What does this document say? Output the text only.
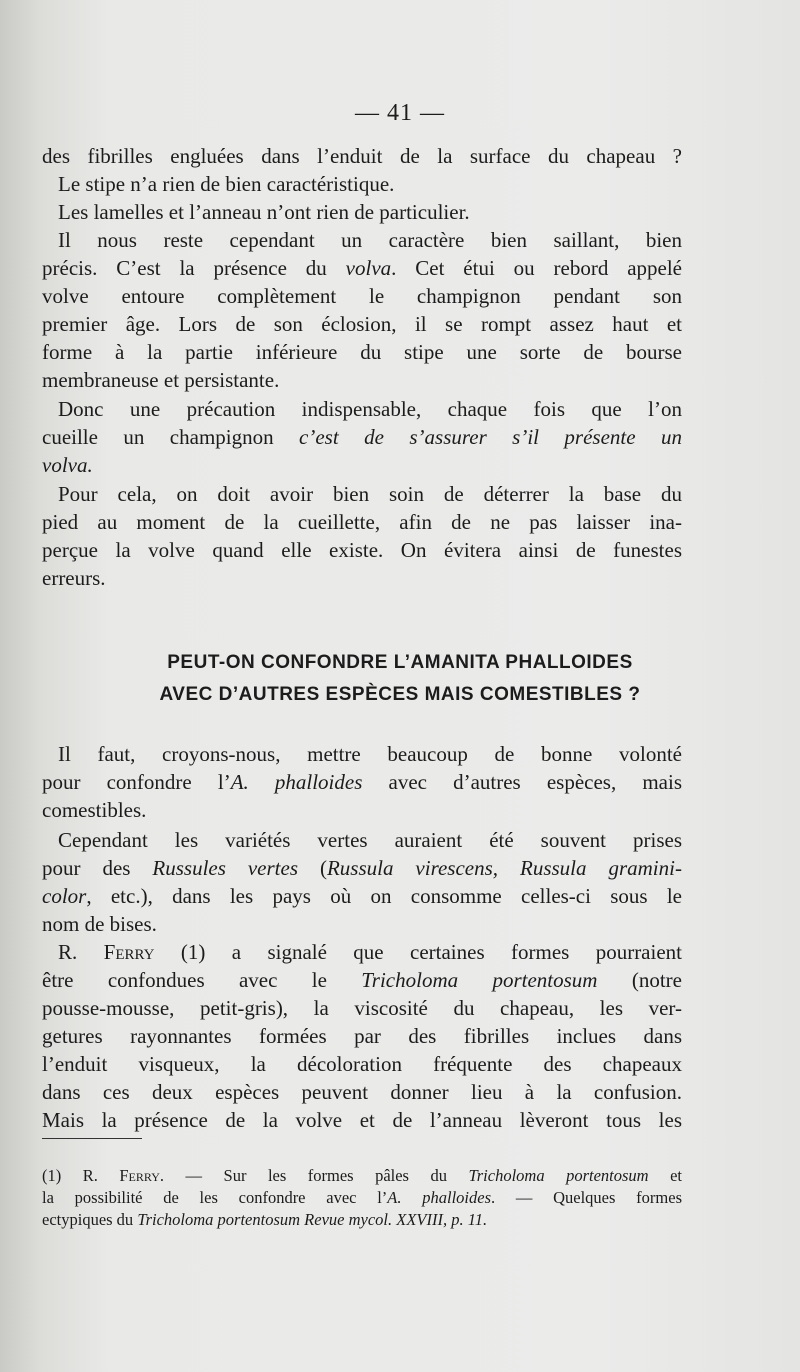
— 41 —
des fibrilles engluées dans l’enduit de la surface du chapeau ?
Le stipe n’a rien de bien caractéristique.
Les lamelles et l’anneau n’ont rien de particulier.
Il nous reste cependant un caractère bien saillant, bien
précis. C’est la présence du volva. Cet étui ou rebord appelé
volve entoure complètement le champignon pendant son
premier âge. Lors de son éclosion, il se rompt assez haut et
forme à la partie inférieure du stipe une sorte de bourse
membraneuse et persistante.
Donc une précaution indispensable, chaque fois que l’on
cueille un champignon c’est de s’assurer s’il présente un
volva.
Pour cela, on doit avoir bien soin de déterrer la base du
pied au moment de la cueillette, afin de ne pas laisser ina-
perçue la volve quand elle existe. On évitera ainsi de funestes
erreurs.
PEUT-ON CONFONDRE L’AMANITA PHALLOIDES
AVEC D’AUTRES ESPÈCES MAIS COMESTIBLES ?
Il faut, croyons-nous, mettre beaucoup de bonne volonté
pour confondre l’A. phalloides avec d’autres espèces, mais
comestibles.
Cependant les variétés vertes auraient été souvent prises
pour des Russules vertes (Russula virescens, Russula gramini-
color, etc.), dans les pays où on consomme celles-ci sous le
nom de bises.
R. Ferry (1) a signalé que certaines formes pourraient
être confondues avec le Tricholoma portentosum (notre
pousse-mousse, petit-gris), la viscosité du chapeau, les ver-
getures rayonnantes formées par des fibrilles inclues dans
l’enduit visqueux, la décoloration fréquente des chapeaux
dans ces deux espèces peuvent donner lieu à la confusion.
Mais la présence de la volve et de l’anneau lèveront tous les
(1) R. Ferry. — Sur les formes pâles du Tricholoma portentosum et
la possibilité de les confondre avec l’A. phalloides. — Quelques formes
ectypiques du Tricholoma portentosum Revue mycol. XXVIII, p. 11.
